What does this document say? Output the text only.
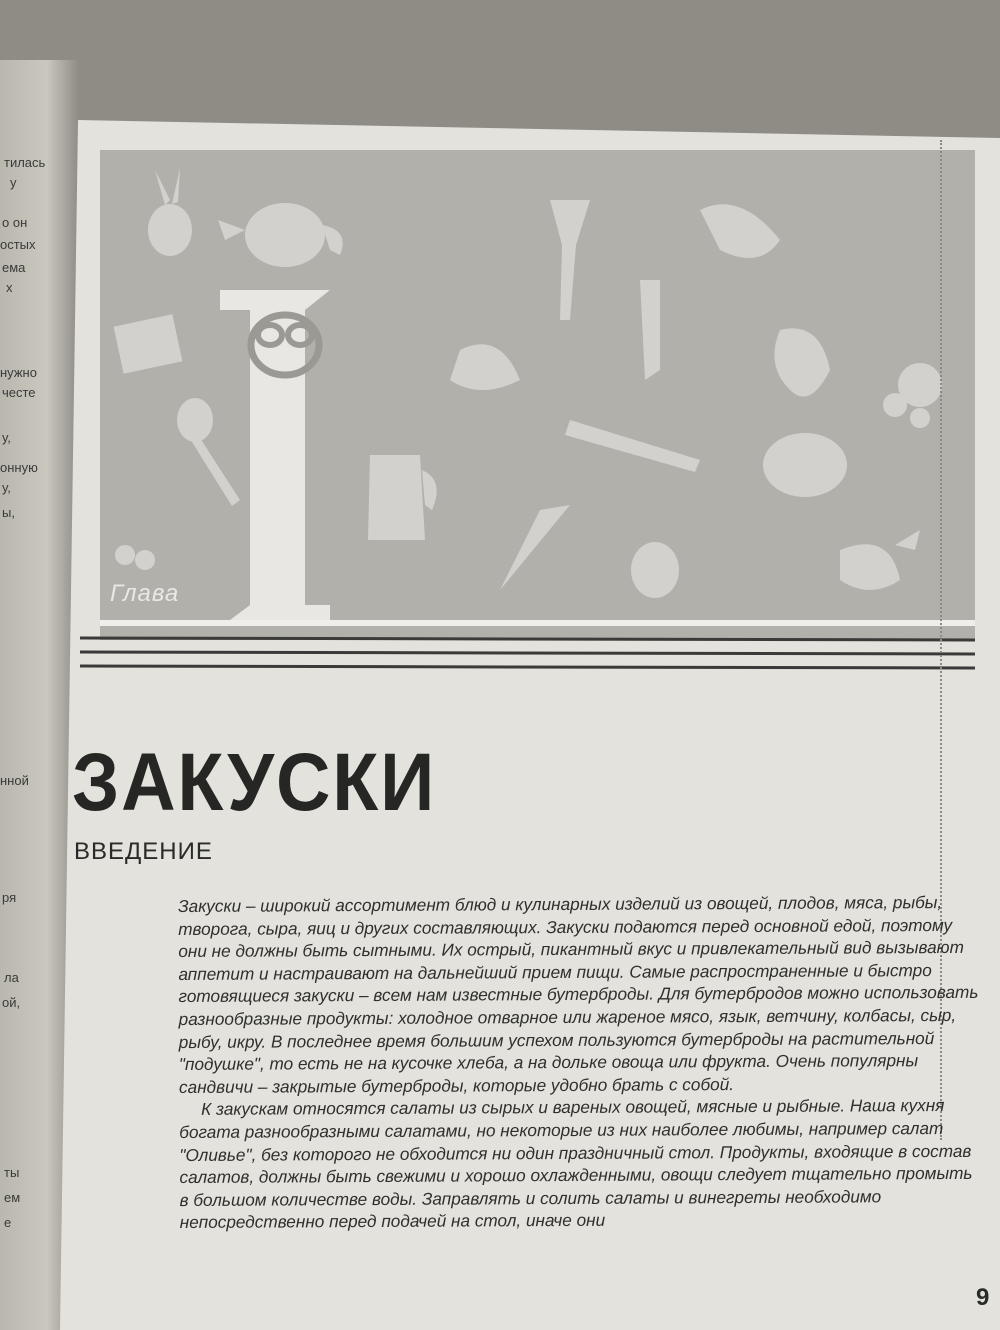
тилась
у
о он
остых
ема
х
нужно
честе
у,
онную
у,
ы,
нной
ря
ла
ой,
ты
ем
е
Глава
ЗАКУСКИ
ВВЕДЕНИЕ

Закуски – широкий ассортимент блюд и кулинарных изделий из овощей, плодов, мяса, рыбы, творога, сыра, яиц и других составляющих. Закуски подаются перед основной едой, поэтому они не должны быть сытными. Их острый, пикантный вкус и привлекательный вид вызывают аппетит и настраивают на дальнейший прием пищи. Самые распространенные и быстро готовящиеся закуски – всем нам известные бутерброды. Для бутербродов можно использовать разнообразные продукты: холодное отварное или жареное мясо, язык, ветчину, колбасы, сыр, рыбу, икру. В последнее время большим успехом пользуются бутерброды на растительной "подушке", то есть не на кусочке хлеба, а на дольке овоща или фрукта. Очень популярны сандвичи – закрытые бутерброды, которые удобно брать с собой.

К закускам относятся салаты из сырых и вареных овощей, мясные и рыбные. Наша кухня богата разнообразными салатами, но некоторые из них наиболее любимы, например салат "Оливье", без которого не обходится ни один праздничный стол. Продукты, входящие в состав салатов, должны быть свежими и хорошо охлажденными, овощи следует тщательно промыть в большом количестве воды. Заправлять и солить салаты и винегреты необходимо непосредственно перед подачей на стол, иначе они

9
